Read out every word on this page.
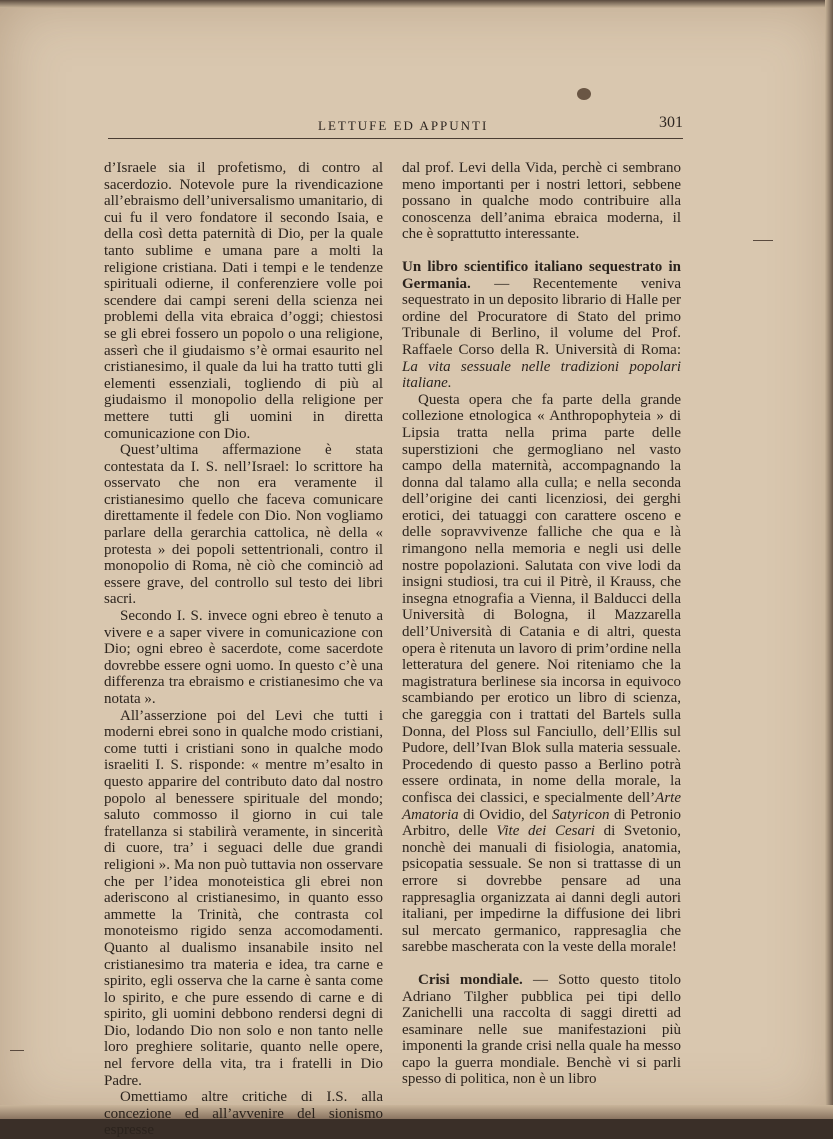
LETTUFE ED APPUNTI	301

d’Israele sia il profetismo, di contro al sacerdozio. Notevole pure la rivendicazione all’ebraismo dell’universalismo umanitario, di cui fu il vero fondatore il secondo Isaia, e della così detta paternità di Dio, per la quale tanto sublime e umana pare a molti la religione cristiana. Dati i tempi e le tendenze spirituali odierne, il conferenziere volle poi scendere dai campi sereni della scienza nei problemi della vita ebraica d’oggi; chiestosi se gli ebrei fossero un popolo o una religione, asserì che il giudaismo s’è ormai esaurito nel cristianesimo, il quale da lui ha tratto tutti gli elementi essenziali, togliendo di più al giudaismo il monopolio della religione per mettere tutti gli uomini in diretta comunicazione con Dio.

Quest’ultima affermazione è stata contestata da I. S. nell’Israel: lo scrittore ha osservato che non era veramente il cristianesimo quello che faceva comunicare direttamente il fedele con Dio. Non vogliamo parlare della gerarchia cattolica, nè della « protesta » dei popoli settentrionali, contro il monopolio di Roma, nè ciò che cominciò ad essere grave, del controllo sul testo dei libri sacri.

Secondo I. S. invece ogni ebreo è tenuto a vivere e a saper vivere in comunicazione con Dio; ogni ebreo è sacerdote, come sacerdote dovrebbe essere ogni uomo. In questo c’è una differenza tra ebraismo e cristianesimo che va notata ».

All’asserzione poi del Levi che tutti i moderni ebrei sono in qualche modo cristiani, come tutti i cristiani sono in qualche modo israeliti I. S. risponde: « mentre m’esalto in questo apparire del contributo dato dal nostro popolo al benessere spirituale del mondo; saluto commosso il giorno in cui tale fratellanza si stabilirà veramente, in sincerità di cuore, tra’ i seguaci delle due grandi religioni ». Ma non può tuttavia non osservare che per l’idea monoteistica gli ebrei non aderiscono al cristianesimo, in quanto esso ammette la Trinità, che contrasta col monoteismo rigido senza accomodamenti. Quanto al dualismo insanabile insito nel cristianesimo tra materia e idea, tra carne e spirito, egli osserva che la carne è santa come lo spirito, e che pure essendo di carne e di spirito, gli uomini debbono rendersi degni di Dio, lodando Dio non solo e non tanto nelle loro preghiere solitarie, quanto nelle opere, nel fervore della vita, tra i fratelli in Dio Padre.

Omettiamo altre critiche di I.S. alla concezione ed all’avvenire del sionismo espresse

dal prof. Levi della Vida, perchè ci sembrano meno importanti per i nostri lettori, sebbene possano in qualche modo contribuire alla conoscenza dell’anima ebraica moderna, il che è soprattutto interessante.

Un libro scientifico italiano sequestrato in Germania. — Recentemente veniva sequestrato in un deposito librario di Halle per ordine del Procuratore di Stato del primo Tribunale di Berlino, il volume del Prof. Raffaele Corso della R. Università di Roma: La vita sessuale nelle tradizioni popolari italiane.

Questa opera che fa parte della grande collezione etnologica « Anthropophyteia » di Lipsia tratta nella prima parte delle superstizioni che germogliano nel vasto campo della maternità, accompagnando la donna dal talamo alla culla; e nella seconda dell’origine dei canti licenziosi, dei gerghi erotici, dei tatuaggi con carattere osceno e delle sopravvivenze falliche che qua e là rimangono nella memoria e negli usi delle nostre popolazioni. Salutata con vive lodi da insigni studiosi, tra cui il Pitrè, il Krauss, che insegna etnografia a Vienna, il Balducci della Università di Bologna, il Mazzarella dell’Università di Catania e di altri, questa opera è ritenuta un lavoro di prim’ordine nella letteratura del genere. Noi riteniamo che la magistratura berlinese sia incorsa in equivoco scambiando per erotico un libro di scienza, che gareggia con i trattati del Bartels sulla Donna, del Ploss sul Fanciullo, dell’Ellis sul Pudore, dell’Ivan Blok sulla materia sessuale. Procedendo di questo passo a Berlino potrà essere ordinata, in nome della morale, la confisca dei classici, e specialmente dell’Arte Amatoria di Ovidio, del Satyricon di Petronio Arbitro, delle Vite dei Cesari di Svetonio, nonchè dei manuali di fisiologia, anatomia, psicopatia sessuale. Se non si trattasse di un errore si dovrebbe pensare ad una rappresaglia organizzata ai danni degli autori italiani, per impedirne la diffusione dei libri sul mercato germanico, rappresaglia che sarebbe mascherata con la veste della morale!

Crisi mondiale. — Sotto questo titolo Adriano Tilgher pubblica pei tipi dello Zanichelli una raccolta di saggi diretti ad esaminare nelle sue manifestazioni più imponenti la grande crisi nella quale ha messo capo la guerra mondiale. Benchè vi si parli spesso di politica, non è un libro
